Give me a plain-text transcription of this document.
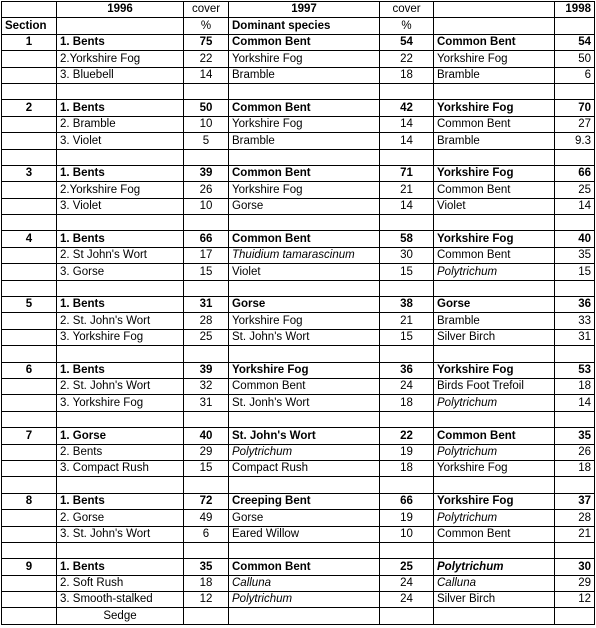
	1996	cover	1997	cover		1998
Section		%	Dominant species	%		
1	1. Bents	75	Common Bent	54	Common Bent	54
	2.Yorkshire Fog	22	Yorkshire Fog	22	Yorkshire Fog	50
	3. Bluebell	14	Bramble	18	Bramble	6

2	1. Bents	50	Common Bent	42	Yorkshire Fog	70
	2. Bramble	10	Yorkshire Fog	14	Common Bent	27
	3. Violet	5	Bramble	14	Bramble	9.3

3	1. Bents	39	Common Bent	71	Yorkshire Fog	66
	2.Yorkshire Fog	26	Yorkshire Fog	21	Common Bent	25
	3. Violet	10	Gorse	14	Violet	14

4	1. Bents	66	Common Bent	58	Yorkshire Fog	40
	2. St John's Wort	17	Thuidium tamarascinum	30	Common Bent	35
	3. Gorse	15	Violet	15	Polytrichum	15

5	1. Bents	31	Gorse	38	Gorse	36
	2. St. John's Wort	28	Yorkshire Fog	21	Bramble	33
	3. Yorkshire Fog	25	St. John's Wort	15	Silver Birch	31

6	1. Bents	39	Yorkshire Fog	36	Yorkshire Fog	53
	2. St. John's Wort	32	Common Bent	24	Birds Foot Trefoil	18
	3. Yorkshire Fog	31	St. Jonh's Wort	18	Polytrichum	14

7	1. Gorse	40	St. John's Wort	22	Common Bent	35
	2. Bents	29	Polytrichum	19	Polytrichum	26
	3. Compact Rush	15	Compact Rush	18	Yorkshire Fog	18

8	1. Bents	72	Creeping Bent	66	Yorkshire Fog	37
	2. Gorse	49	Gorse	19	Polytrichum	28
	3. St. John's Wort	6	Eared Willow	10	Common Bent	21

9	1. Bents	35	Common Bent	25	Polytrichum	30
	2. Soft Rush	18	Calluna	24	Calluna	29
	3. Smooth-stalked	12	Polytrichum	24	Silver Birch	12
	Sedge					
